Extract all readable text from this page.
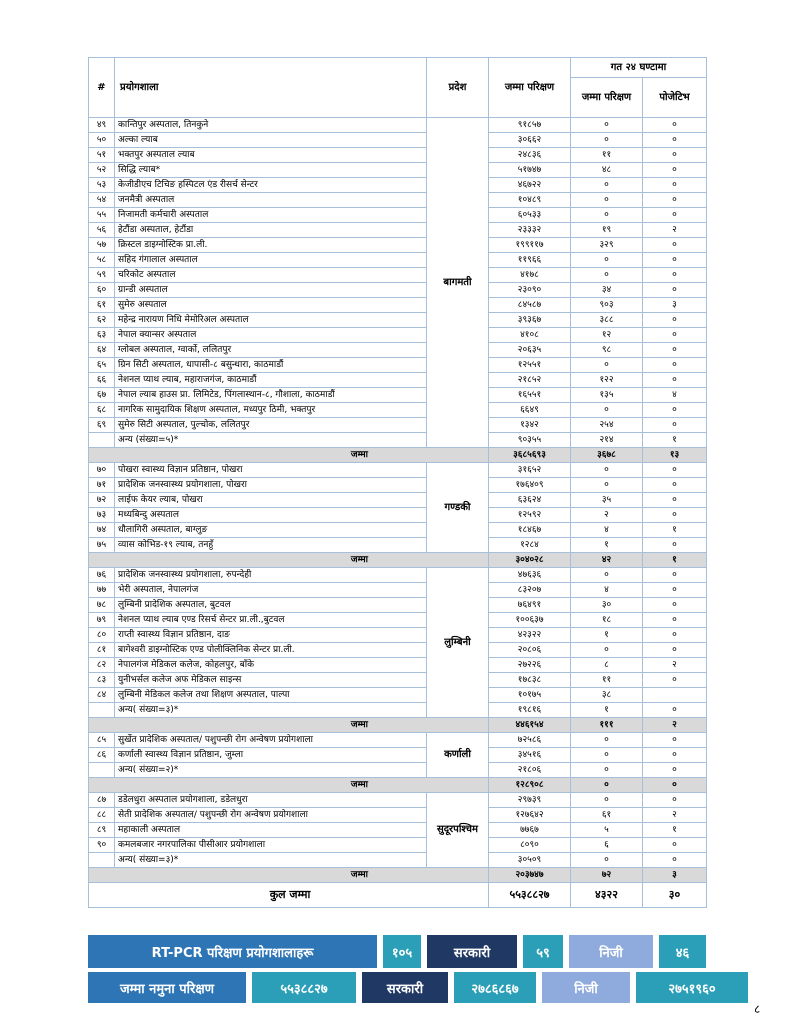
#	प्रयोगशाला	प्रदेश	जम्मा परिक्षण	गत २४ घण्टामा	
				जम्मा परिक्षण	पोजेटिभ
४९	कान्तिपुर अस्पताल, तिनकुने	बागमती	९१८५७	०	०
५०	अल्का ल्याब		३०६६२	०	०
५१	भक्तपुर अस्पताल ल्याब		२४८३६	११	०
५२	सिद्धि ल्याब*		५१७४७	४८	०
५३	केजीडीएच टिचिङ हस्पिटल एंड रीसर्च सेन्टर		४६७२२	०	०
५४	जनमैत्री अस्पताल		१०४८९	०	०
५५	निजामती कर्मचारी अस्पताल		६०५३३	०	०
५६	हेटौंडा अस्पताल, हेटौंडा		२३३३२	१९	२
५७	क्रिस्टल डाइग्नोस्टिक प्रा.ली.		१९९११७	३२९	०
५८	सहिद गंगालाल अस्पताल		११९६६	०	०
५९	चरिकोट अस्पताल		४१७८	०	०
६०	ग्रान्डी अस्पताल		२३०९०	३४	०
६१	सुमेरु अस्पताल		८४५८७	९०३	३
६२	महेन्द्र नारायण निधि मेमोरिअल अस्पताल		३९३६७	३८८	०
६३	नेपाल क्यान्सर अस्पताल		४१०८	१२	०
६४	ग्लोबल अस्पताल, ग्वार्को, ललितपुर		२०६३५	९८	०
६५	ग्रिन सिटी अस्पताल, धापासी-८ बसुन्धारा, काठमाडौं		१२५५१	०	०
६६	नेशनल प्याथ ल्याब, महाराजगंज, काठमाडौं		२१८५२	१२२	०
६७	नेपाल ल्याब हाउस प्रा. लिमिटेड, पिंगलास्थान-८, गौशाला, काठमाडौं		१६५५१	१३५	४
६८	नागरिक सामुदायिक शिक्षण अस्पताल, मध्यपुर ठिमी, भक्तपुर		६६४९	०	०
६९	सुमेरु सिटी अस्पताल, पुल्चोक, ललितपुर		१३४२	२५४	०
	अन्य (संख्या=५)*		९०३५५	२१४	१
जम्मा			३६८५६९३	३६७८	१३
७०	पोखरा स्वास्थ्य विज्ञान प्रतिष्ठान, पोखरा	गण्डकी	३१६५२	०	०
७१	प्रादेशिक जनस्वास्थ्य प्रयोगशाला, पोखरा		१७६४०९	०	०
७२	लाईफ केयर ल्याब, पोखरा		६३६२४	३५	०
७३	मध्यबिन्दु अस्पताल		१२५९२	२	०
७४	धौलागिरी अस्पताल, बाग्लुङ		१८४६७	४	१
७५	व्यास कोभिड-१९ ल्याब, तनहुँ		१२८४	१	०
जम्मा			३०४०२८	४२	१
७६	प्रादेशिक जनस्वास्थ्य प्रयोगशाला, रुपन्देही	लुम्बिनी	४७६३६	०	०
७७	भेरी अस्पताल, नेपालगंज		८३२०७	४	०
७८	लुम्बिनी प्रादेशिक अस्पताल, बुटवल		७६४९१	३०	०
७९	नेशनल प्याथ ल्याब एण्ड रिसर्च सेन्टर प्रा.ली.,बुटवल		१००६३७	१८	०
८०	राप्ती स्वास्थ्य विज्ञान प्रतिष्ठान, दाङ		४२३२२	१	०
८१	बागेश्वरी डाइग्नोस्टिक एण्ड पोलीक्लिनिक सेन्टर प्रा.ली.		२०८०६	०	०
८२	नेपालगंज मेडिकल कलेज, कोहलपुर, बाँके		२७२२६	८	२
८३	युनीभर्सल कलेज अफ मेडिकल साइन्स		१७८३८	११	०
८४	लुम्बिनी मेडिकल कलेज तथा शिक्षण अस्पताल, पाल्पा		१०१७५	३८	
	अन्य( संख्या=३)*		१९८१६	१	०
जम्मा			४४६१५४	१११	२
८५	सुर्खेत प्रादेशिक अस्पताल/ पशुपन्छी रोग अन्वेषण प्रयोगशाला	कर्णाली	७२५८६	०	०
८६	कर्णाली स्वास्थ्य विज्ञान प्रतिष्ठान, जुम्ला		३४५१६	०	०
	अन्य( संख्या=२)*		२१८०६	०	०
जम्मा			१२८९०८	०	०
८७	डडेलधुरा अस्पताल प्रयोगशाला, डडेलधुरा	सुदूरपश्चिम	२९७३९	०	०
८८	सेती प्रादेशिक अस्पताल/ पशुपन्छी रोग अन्वेषण प्रयोगशाला		१२७६४२	६१	२
८९	महाकाली अस्पताल		७७६७	५	१
९०	कमलबजार नगरपालिका पीसीआर प्रयोगशाला		८०९०	६	०
	अन्य( संख्या=३)*		३०५०९	०	०
जम्मा			२०३७४७	७२	३
कुल जम्मा			५५३८८२७	४३२२	३०
RT-PCR परिक्षण प्रयोगशालाहरू	१०५	सरकारी	५९	निजी	४६
जम्मा नमुना परिक्षण	५५३८८२७	सरकारी	२७८६८६७	निजी	२७५१९६०
८
